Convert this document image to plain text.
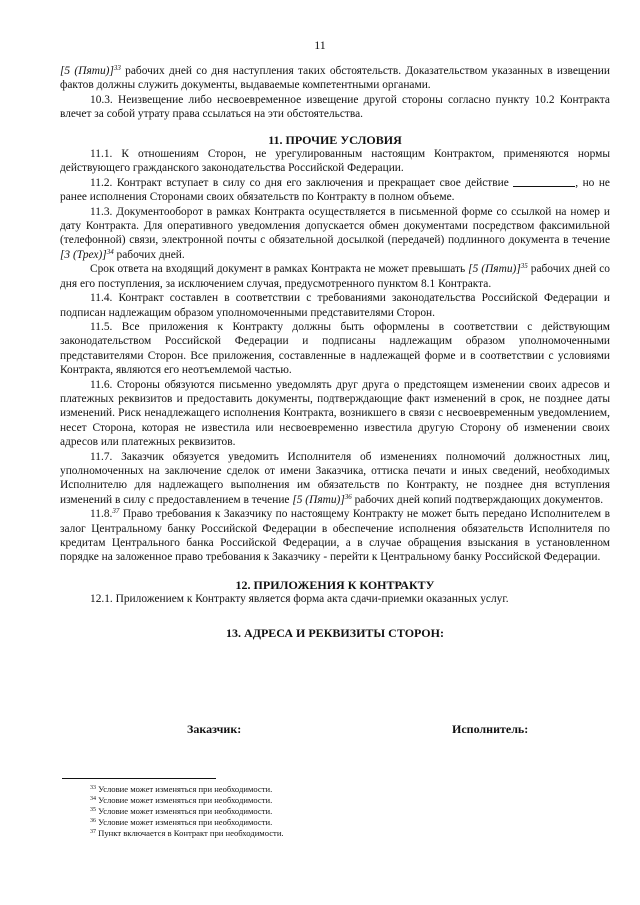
11

[5 (Пяти)]$^{33}$ рабочих дней со дня наступления таких обстоятельств. Доказательством указанных в извещении фактов должны служить документы, выдаваемые компетентными органами.

10.3. Неизвещение либо несвоевременное извещение другой стороны согласно пункту 10.2 Контракта влечет за собой утрату права ссылаться на эти обстоятельства.

11. ПРОЧИЕ УСЛОВИЯ

11.1. К отношениям Сторон, не урегулированным настоящим Контрактом, применяются нормы действующего гражданского законодательства Российской Федерации.

11.2. Контракт вступает в силу со дня его заключения и прекращает свое действие	, но не ранее исполнения Сторонами своих обязательств по Контракту в полном объеме.

11.3. Документооборот в рамках Контракта осуществляется в письменной форме со ссылкой на номер и дату Контракта. Для оперативного уведомления допускается обмен документами посредством факсимильной (телефонной) связи, электронной почты с обязательной досылкой (передачей) подлинного документа в течение [3 (Трех)]$^{34}$ рабочих дней.

Срок ответа на входящий документ в рамках Контракта не может превышать [5 (Пяти)]$^{35}$ рабочих дней со дня его поступления, за исключением случая, предусмотренного пунктом 8.1 Контракта.

11.4. Контракт составлен в соответствии с требованиями законодательства Российской Федерации и подписан надлежащим образом уполномоченными представителями Сторон.

11.5. Все приложения к Контракту должны быть оформлены в соответствии с действующим законодательством Российской Федерации и подписаны надлежащим образом уполномоченными представителями Сторон. Все приложения, составленные в надлежащей форме и в соответствии с условиями Контракта, являются его неотъемлемой частью.

11.6. Стороны обязуются письменно уведомлять друг друга о предстоящем изменении своих адресов и платежных реквизитов и предоставить документы, подтверждающие факт изменений в срок, не позднее даты изменений. Риск ненадлежащего исполнения Контракта, возникшего в связи с несвоевременным уведомлением, несет Сторона, которая не известила или несвоевременно известила другую Сторону об изменении своих адресов или платежных реквизитов.

11.7. Заказчик обязуется уведомить Исполнителя об изменениях полномочий должностных лиц, уполномоченных на заключение сделок от имени Заказчика, оттиска печати и иных сведений, необходимых Исполнителю для надлежащего выполнения им обязательств по Контракту, не позднее дня вступления изменений в силу с предоставлением в течение [5 (Пяти)]$^{36}$ рабочих дней копий подтверждающих документов.

11.8.37 Право требования к Заказчику по настоящему Контракту не может быть передано Исполнителем в залог Центральному банку Российской Федерации в обеспечение исполнения обязательств Исполнителя по кредитам Центрального банка Российской Федерации, а в случае обращения взыскания в установленном порядке на заложенное право требования к Заказчику - перейти к Центральному банку Российской Федерации.

12. ПРИЛОЖЕНИЯ К КОНТРАКТУ

12.1. Приложением к Контракту является форма акта сдачи-приемки оказанных услуг.

13. АДРЕСА И РЕКВИЗИТЫ СТОРОН:

Заказчик:	Исполнитель:
$^{33}$ Условие может изменяться при необходимости.
$^{34}$ Условие может изменяться при необходимости.
$^{35}$ Условие может изменяться при необходимости.
$^{36}$ Условие может изменяться при необходимости.
$^{37}$ Пункт включается в Контракт при необходимости.
